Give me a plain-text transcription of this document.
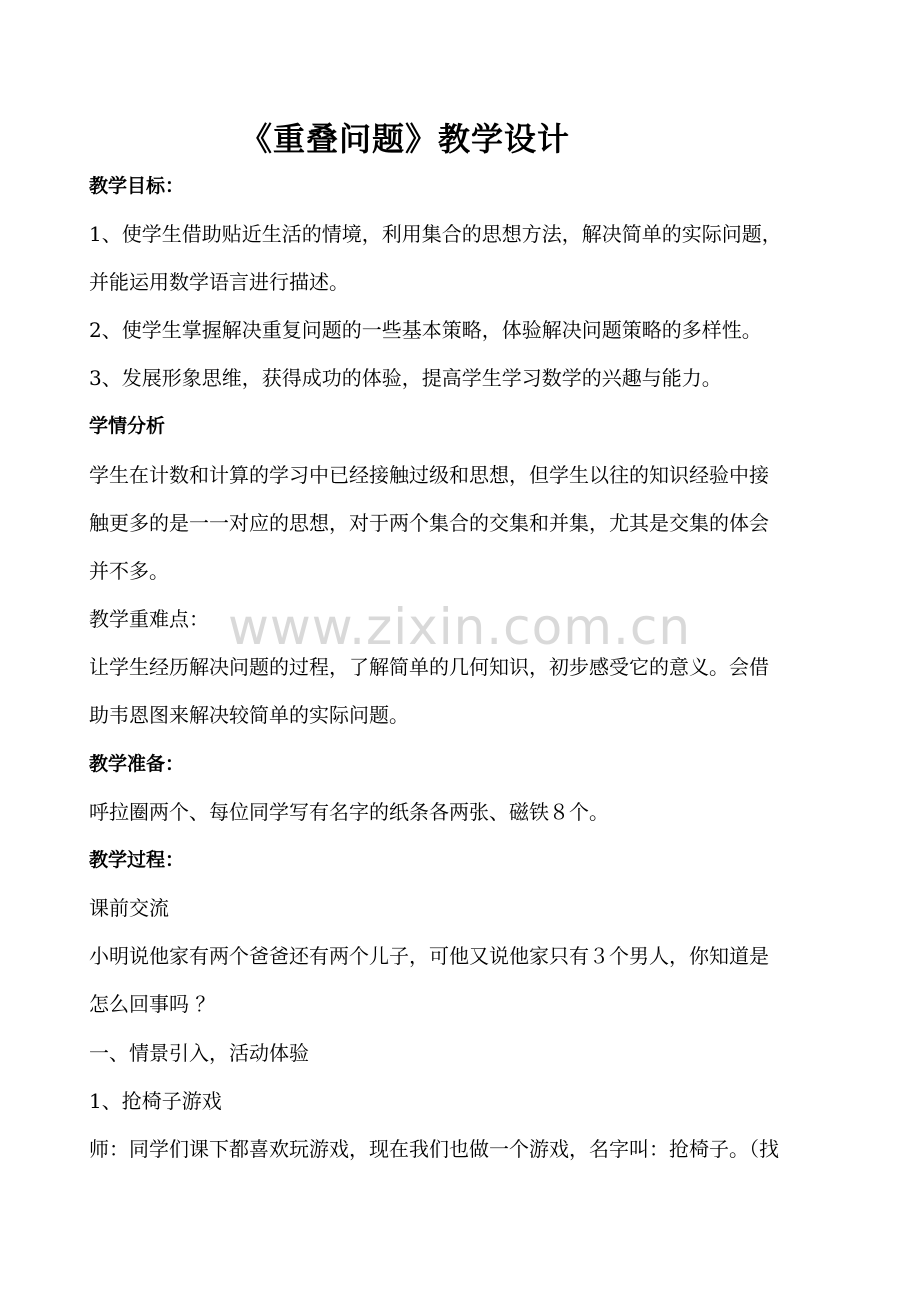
《重叠问题》教学设计
教学目标：
1、使学生借助贴近生活的情境，利用集合的思想方法，解决简单的实际问题，
并能运用数学语言进行描述。
2、使学生掌握解决重复问题的一些基本策略，体验解决问题策略的多样性。
3、发展形象思维，获得成功的体验，提高学生学习数学的兴趣与能力。
学情分析
学生在计数和计算的学习中已经接触过级和思想，但学生以往的知识经验中接
触更多的是一一对应的思想，对于两个集合的交集和并集，尤其是交集的体会
并不多。
教学重难点：
让学生经历解决问题的过程，了解简单的几何知识，初步感受它的意义。会借
助韦恩图来解决较简单的实际问题。
教学准备：
呼拉圈两个、每位同学写有名字的纸条各两张、磁铁８个。
教学过程：
课前交流
小明说他家有两个爸爸还有两个儿子，可他又说他家只有３个男人，你知道是
怎么回事吗 ？
一、情景引入，活动体验
1、抢椅子游戏
师：同学们课下都喜欢玩游戏，现在我们也做一个游戏，名字叫：抢椅子。（找
www.zixin.com.cn
